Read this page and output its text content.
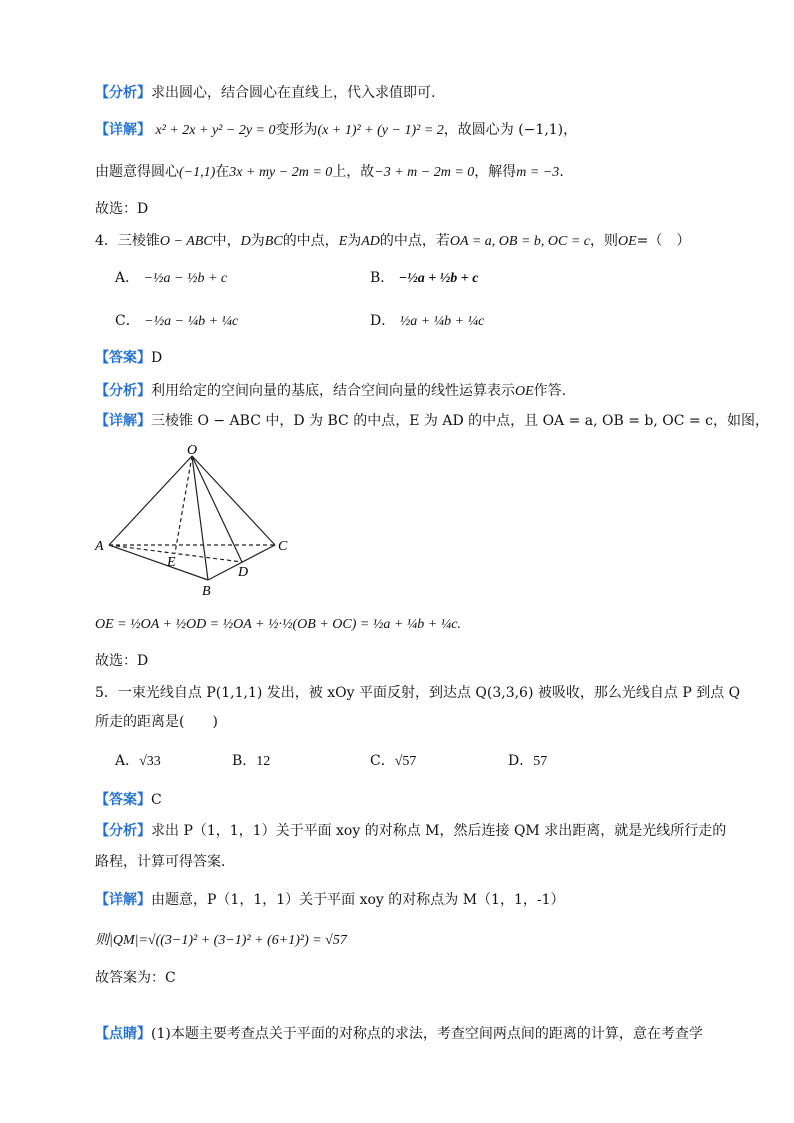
【分析】求出圆心，结合圆心在直线上，代入求值即可.
【详解】 x² + 2x + y² − 2y = 0变形为(x + 1)² + (y − 1)² = 2，故圆心为 (−1,1)，
由题意得圆心(−1,1)在3x + my − 2m = 0上，故−3 + m − 2m = 0，解得m = −3.
故选：D
4．三棱锥O − ABC中，D为BC的中点，E为AD的中点，若OA = a, OB = b, OC = c，则OE=（　）
A． −½a − ½b + c	B． −½a + ½b + c
C． −½a − ¼b + ¼c	D． ½a + ¼b + ¼c
【答案】D
【分析】利用给定的空间向量的基底，结合空间向量的线性运算表示OE作答.
【详解】三棱锥 O − ABC 中，D 为 BC 的中点，E 为 AD 的中点，且 OA = a, OB = b, OC = c，如图，
O
A
B
C
D
E
OE = ½OA + ½OD = ½OA + ½·½(OB + OC) = ½a + ¼b + ¼c.
故选：D
5．一束光线自点 P(1,1,1) 发出，被 xOy 平面反射，到达点 Q(3,3,6) 被吸收，那么光线自点 P 到点 Q
所走的距离是(　　)
A．√33	B．12	C．√57	D．57
【答案】C
【分析】求出 P（1，1，1）关于平面 xoy 的对称点 M，然后连接 QM 求出距离，就是光线所行走的
路程，计算可得答案．
【详解】由题意，P（1，1，1）关于平面 xoy 的对称点为 M（1，1，-1）
则|QM|=√((3−1)² + (3−1)² + (6+1)²) = √57
故答案为：C
【点睛】(1)本题主要考查点关于平面的对称点的求法，考查空间两点间的距离的计算，意在考查学
